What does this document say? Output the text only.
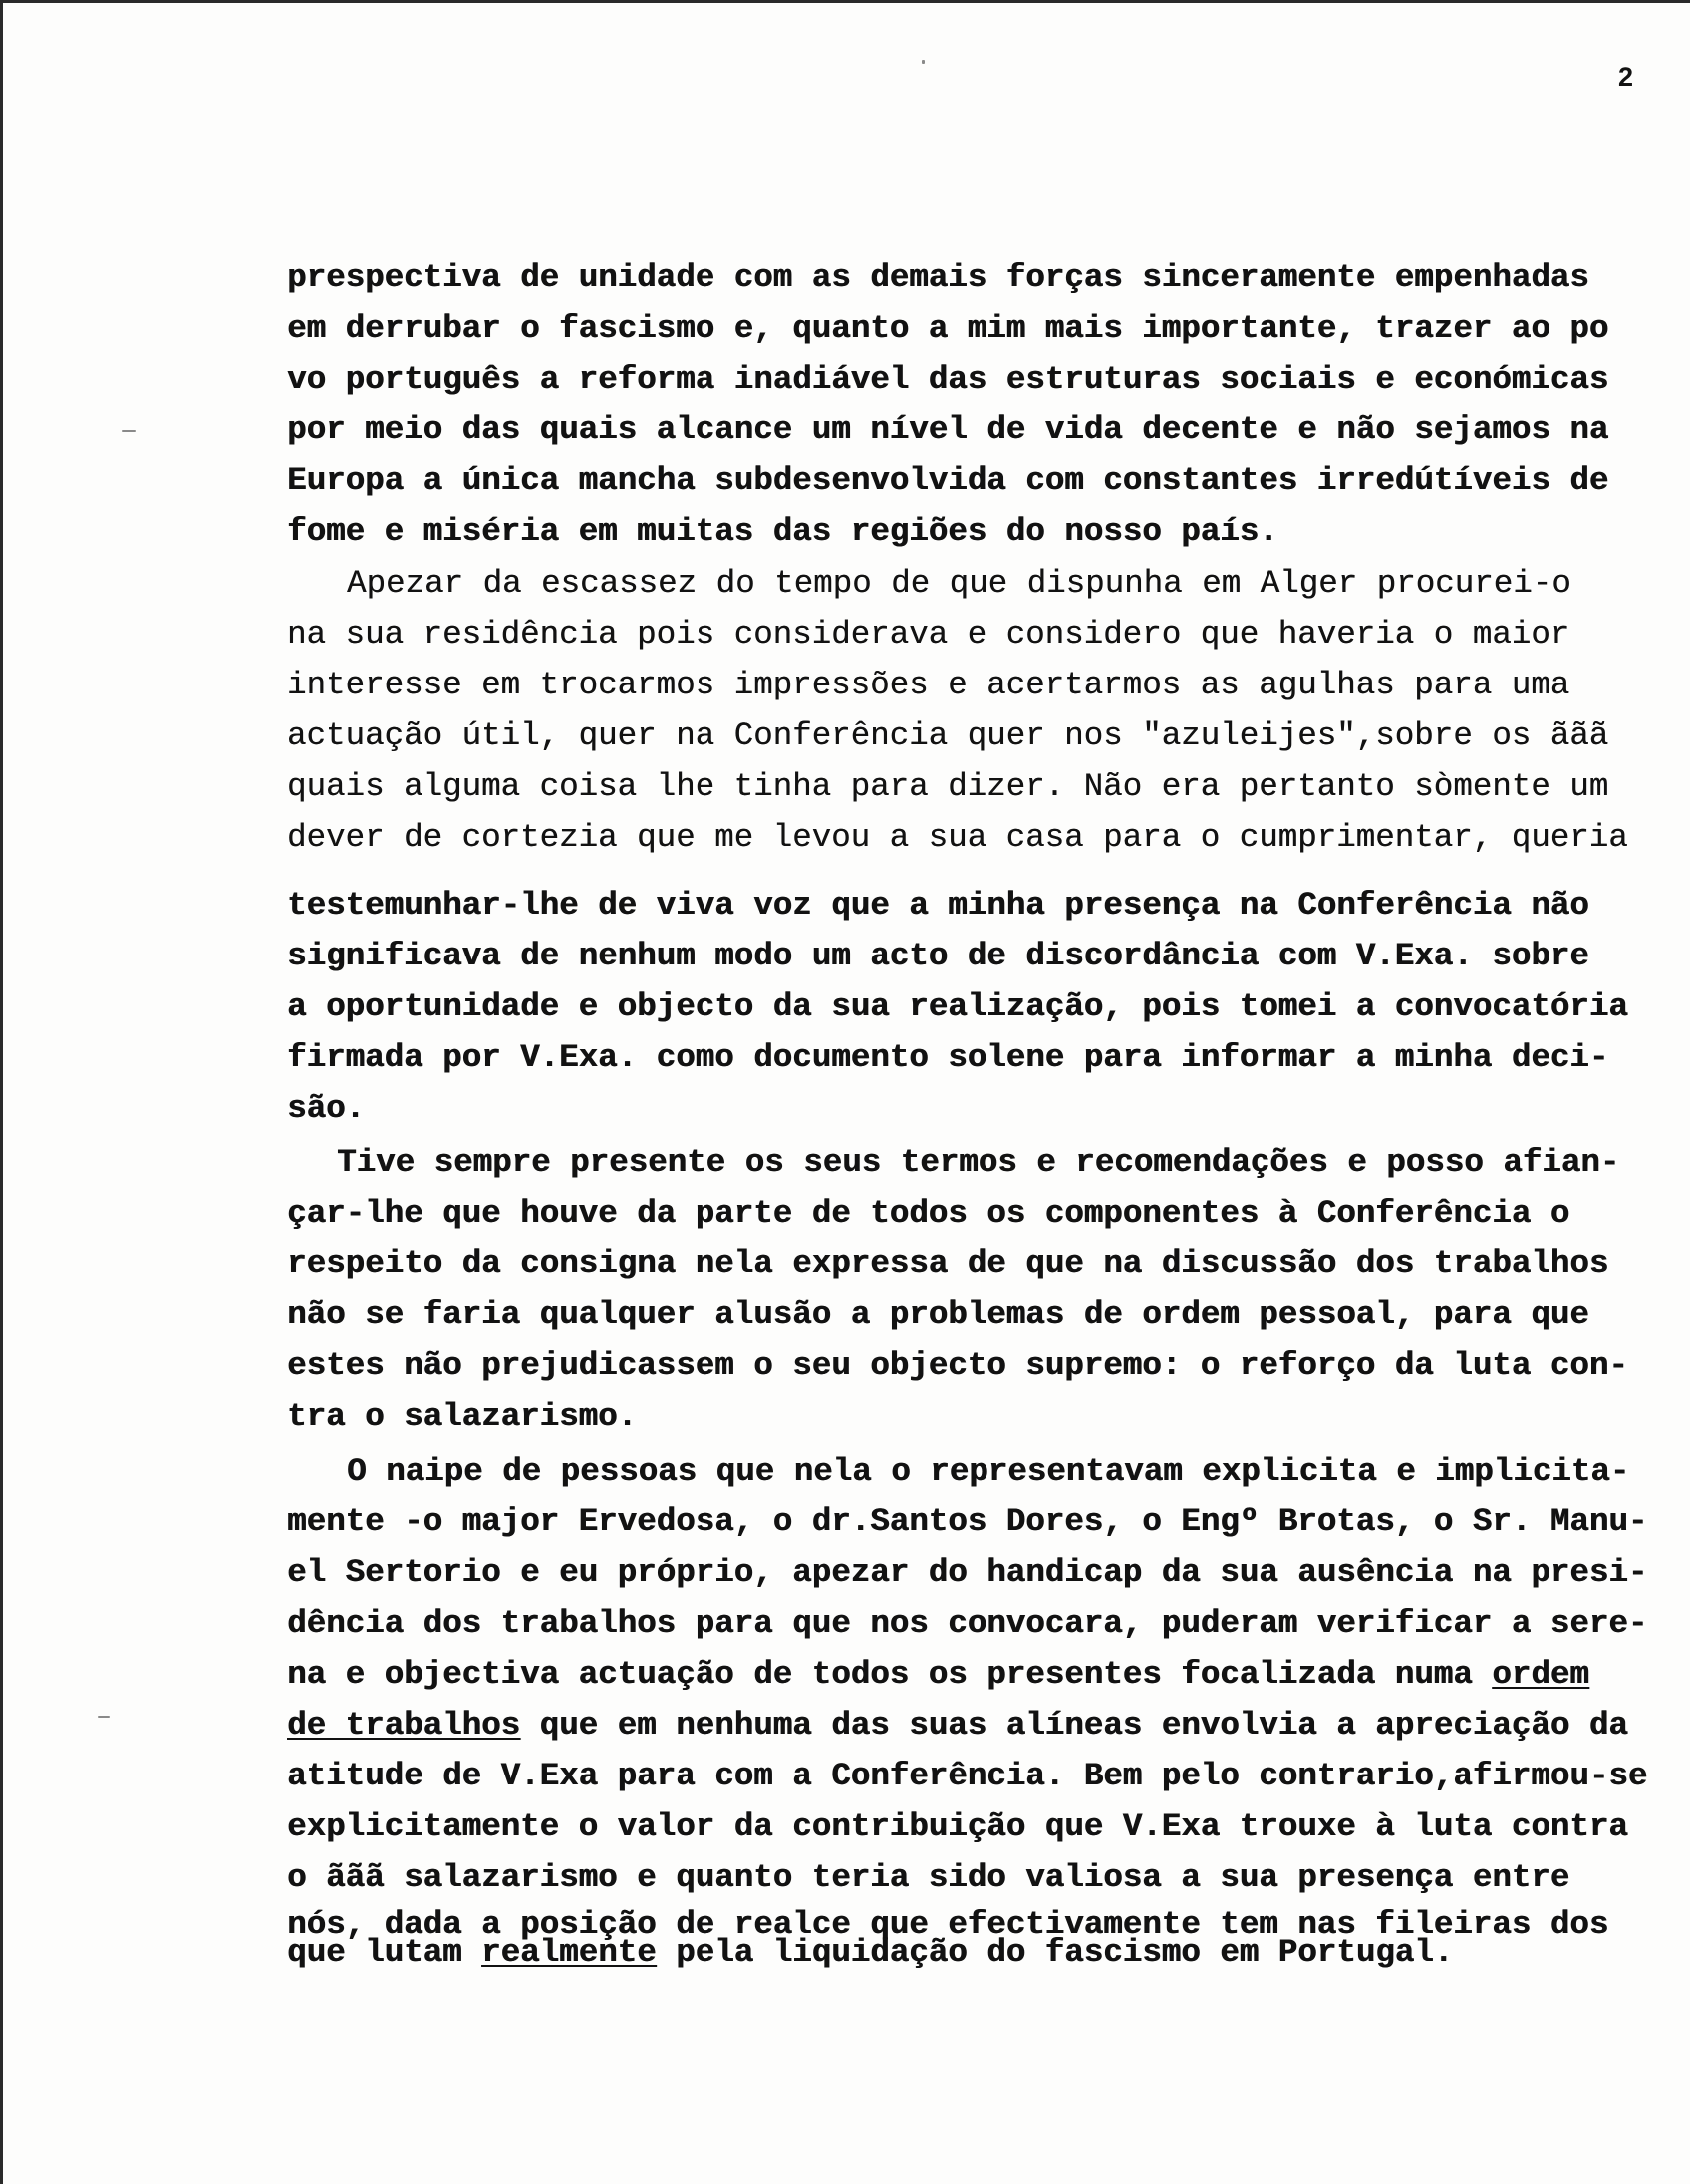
2
prespectiva de unidade com as demais forças sinceramente empenhadas
em derrubar o fascismo e, quanto a mim mais importante, trazer ao po
vo português a reforma inadiável das estruturas sociais e económicas
por meio das quais alcance um nível de vida decente e não sejamos na
Europa a única mancha subdesenvolvida com constantes irredútíveis de
fome e miséria em muitas das regiões do nosso país.
Apezar da escassez do tempo de que dispunha em Alger procurei-o
na sua residência pois considerava e considero que haveria o maior
interesse em trocarmos impressões e acertarmos as agulhas para uma
actuação útil, quer na Conferência quer nos "azuleijes",sobre os ããã
quais alguma coisa lhe tinha para dizer. Não era pertanto sòmente um
dever de cortezia que me levou a sua casa para o cumprimentar, queria
testemunhar-lhe de viva voz que a minha presença na Conferência não
significava de nenhum modo um acto de discordância com V.Exa. sobre
a oportunidade e objecto da sua realização, pois tomei a convocatória
firmada por V.Exa. como documento solene para informar a minha deci-
são.
Tive sempre presente os seus termos e recomendações e posso afian-
çar-lhe que houve da parte de todos os componentes à Conferência o
respeito da consigna nela expressa de que na discussão dos trabalhos
não se faria qualquer alusão a problemas de ordem pessoal, para que
estes não prejudicassem o seu objecto supremo: o reforço da luta con-
tra o salazarismo.
O naipe de pessoas que nela o representavam explicita e implicita-
mente -o major Ervedosa, o dr.Santos Dores, o Engº Brotas, o Sr. Manu-
el Sertorio e eu próprio, apezar do handicap da sua ausência na presi-
dência dos trabalhos para que nos convocara, puderam verificar a sere-
na e objectiva actuação de todos os presentes focalizada numa ordem
de trabalhos que em nenhuma das suas alíneas envolvia a apreciação da
atitude de V.Exa para com a Conferência. Bem pelo contrario,afirmou-se
explicitamente o valor da contribuição que V.Exa trouxe à luta contra
o ããã salazarismo e quanto teria sido valiosa a sua presença entre
nós, dada a posição de realce que efectivamente tem nas fileiras dos
que lutam realmente pela liquidação do fascismo em Portugal.
